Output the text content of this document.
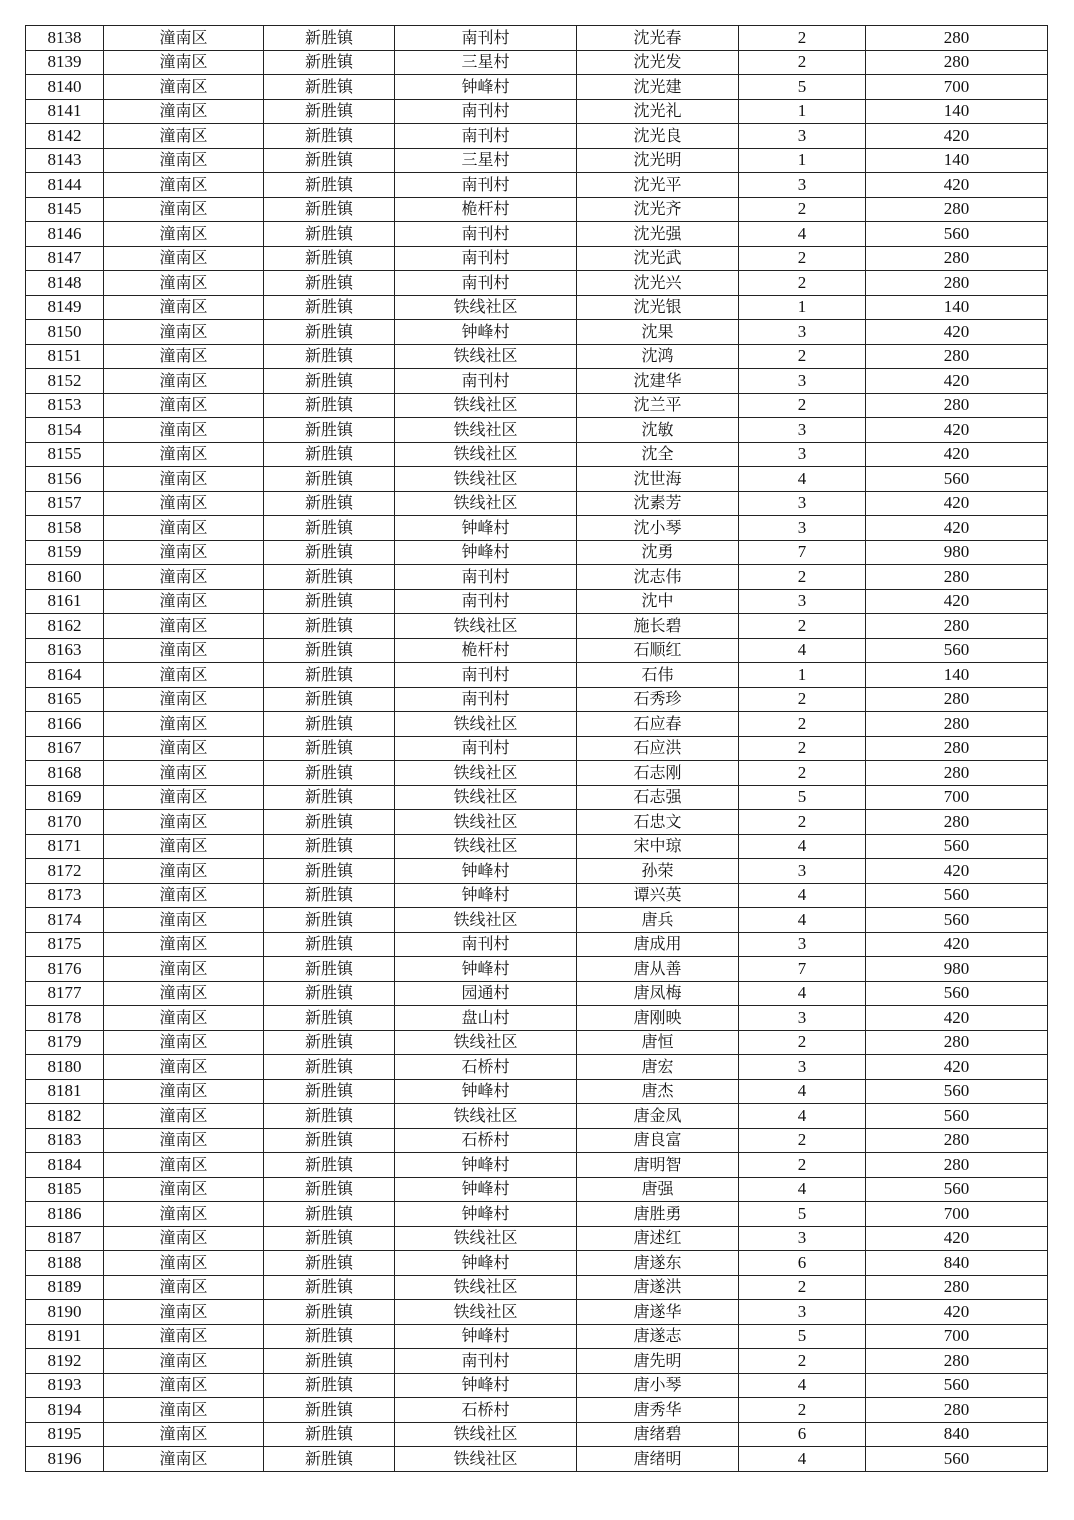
8138	潼南区	新胜镇	南刊村	沈光春	2	280
8139	潼南区	新胜镇	三星村	沈光发	2	280
8140	潼南区	新胜镇	钟峰村	沈光建	5	700
8141	潼南区	新胜镇	南刊村	沈光礼	1	140
8142	潼南区	新胜镇	南刊村	沈光良	3	420
8143	潼南区	新胜镇	三星村	沈光明	1	140
8144	潼南区	新胜镇	南刊村	沈光平	3	420
8145	潼南区	新胜镇	桅杆村	沈光齐	2	280
8146	潼南区	新胜镇	南刊村	沈光强	4	560
8147	潼南区	新胜镇	南刊村	沈光武	2	280
8148	潼南区	新胜镇	南刊村	沈光兴	2	280
8149	潼南区	新胜镇	铁线社区	沈光银	1	140
8150	潼南区	新胜镇	钟峰村	沈果	3	420
8151	潼南区	新胜镇	铁线社区	沈鸿	2	280
8152	潼南区	新胜镇	南刊村	沈建华	3	420
8153	潼南区	新胜镇	铁线社区	沈兰平	2	280
8154	潼南区	新胜镇	铁线社区	沈敏	3	420
8155	潼南区	新胜镇	铁线社区	沈全	3	420
8156	潼南区	新胜镇	铁线社区	沈世海	4	560
8157	潼南区	新胜镇	铁线社区	沈素芳	3	420
8158	潼南区	新胜镇	钟峰村	沈小琴	3	420
8159	潼南区	新胜镇	钟峰村	沈勇	7	980
8160	潼南区	新胜镇	南刊村	沈志伟	2	280
8161	潼南区	新胜镇	南刊村	沈中	3	420
8162	潼南区	新胜镇	铁线社区	施长碧	2	280
8163	潼南区	新胜镇	桅杆村	石顺红	4	560
8164	潼南区	新胜镇	南刊村	石伟	1	140
8165	潼南区	新胜镇	南刊村	石秀珍	2	280
8166	潼南区	新胜镇	铁线社区	石应春	2	280
8167	潼南区	新胜镇	南刊村	石应洪	2	280
8168	潼南区	新胜镇	铁线社区	石志刚	2	280
8169	潼南区	新胜镇	铁线社区	石志强	5	700
8170	潼南区	新胜镇	铁线社区	石忠文	2	280
8171	潼南区	新胜镇	铁线社区	宋中琼	4	560
8172	潼南区	新胜镇	钟峰村	孙荣	3	420
8173	潼南区	新胜镇	钟峰村	谭兴英	4	560
8174	潼南区	新胜镇	铁线社区	唐兵	4	560
8175	潼南区	新胜镇	南刊村	唐成用	3	420
8176	潼南区	新胜镇	钟峰村	唐从善	7	980
8177	潼南区	新胜镇	园通村	唐凤梅	4	560
8178	潼南区	新胜镇	盘山村	唐刚映	3	420
8179	潼南区	新胜镇	铁线社区	唐恒	2	280
8180	潼南区	新胜镇	石桥村	唐宏	3	420
8181	潼南区	新胜镇	钟峰村	唐杰	4	560
8182	潼南区	新胜镇	铁线社区	唐金凤	4	560
8183	潼南区	新胜镇	石桥村	唐良富	2	280
8184	潼南区	新胜镇	钟峰村	唐明智	2	280
8185	潼南区	新胜镇	钟峰村	唐强	4	560
8186	潼南区	新胜镇	钟峰村	唐胜勇	5	700
8187	潼南区	新胜镇	铁线社区	唐述红	3	420
8188	潼南区	新胜镇	钟峰村	唐遂东	6	840
8189	潼南区	新胜镇	铁线社区	唐遂洪	2	280
8190	潼南区	新胜镇	铁线社区	唐遂华	3	420
8191	潼南区	新胜镇	钟峰村	唐遂志	5	700
8192	潼南区	新胜镇	南刊村	唐先明	2	280
8193	潼南区	新胜镇	钟峰村	唐小琴	4	560
8194	潼南区	新胜镇	石桥村	唐秀华	2	280
8195	潼南区	新胜镇	铁线社区	唐绪碧	6	840
8196	潼南区	新胜镇	铁线社区	唐绪明	4	560
